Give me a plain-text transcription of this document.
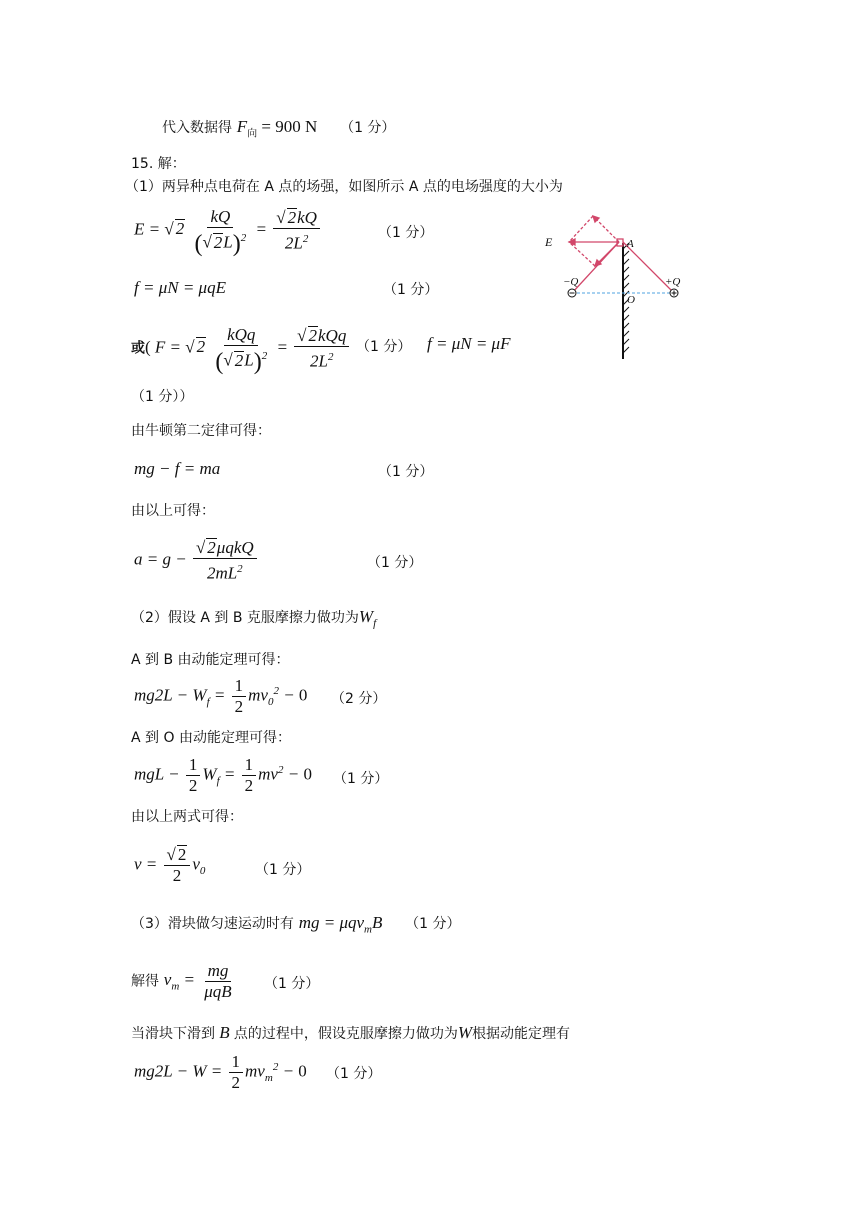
代入数据得 $F_向 = 900$ N （1 分）
15. 解：
（1）两异种点电荷在 A 点的场强，如图所示 A 点的电场强度的大小为
E = √ $2 \frac{kQ}{(√ 2L)^2} = \frac{√ 2kQ}{2L^2}$	（1 分）
f = μN = μqE	（1 分）
或( F = √ $2 \frac{\text{kQq}}{(√ 2L)^2} = \frac{\text{√ 2kQq}}{2L^2} (1$ 分） f = μN = μF
（1 分））
由牛顿第二定律可得：
mg − f = ma	（1 分）
由以上可得：
$a = g - \frac{\text{√ 2μqkQ}}{2mL^2}$	（1 分）
（2）假设 A 到 B 克服摩擦力做功为$W_f$
A 到 B 由动能定理可得：
$mg2L - W_f = \frac{1}{2} mv_0^2 - 0$ （2 分）
A 到 O 由动能定理可得：
mgL − $\frac{1}{2} W_f = \frac{1}{2} mv^2 - 0$ （1 分）
由以上两式可得：
$v = \frac{√ 2}{2} v_0$	（1 分）
（3）滑块做匀速运动时有 mg = μqv$_m$B （1 分）
解得 $v_m = \frac{mg}{\text{μqB}} (1$ 分）
当滑块下滑到 B 点的过程中，假设克服摩擦力做功为W根据动能定理有
$mg2L - W = \frac{1}{2} mv_m^2 - 0$ （1 分）
E	A
−Q	+Q
O
